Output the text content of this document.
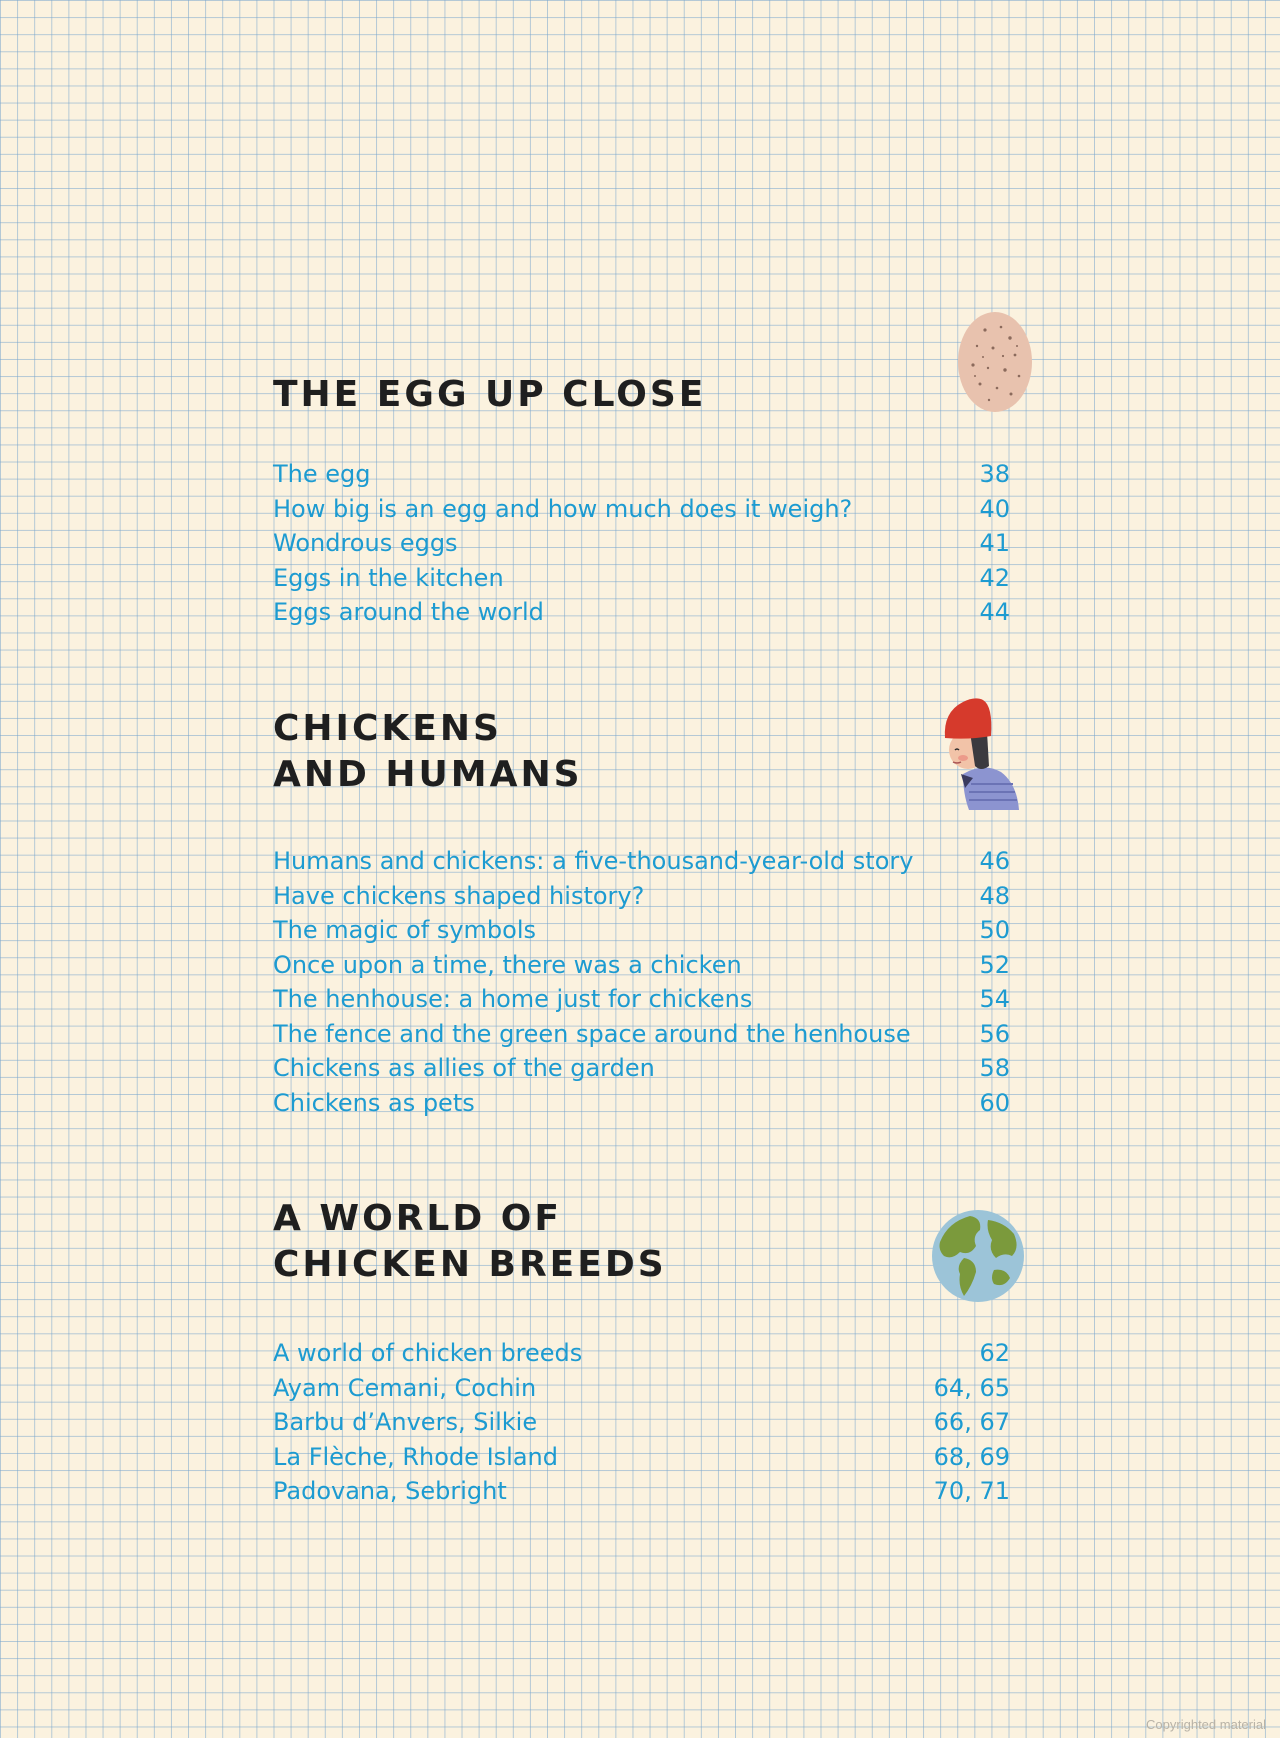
THE EGG UP CLOSE
The egg	38
How big is an egg and how much does it weigh?	40
Wondrous eggs	41
Eggs in the kitchen	42
Eggs around the world	44
CHICKENS
AND HUMANS
Humans and chickens: a five-thousand-year-old story	46
Have chickens shaped history?	48
The magic of symbols	50
Once upon a time, there was a chicken	52
The henhouse: a home just for chickens	54
The fence and the green space around the henhouse	56
Chickens as allies of the garden	58
Chickens as pets	60
A WORLD OF
CHICKEN BREEDS
A world of chicken breeds	62
Ayam Cemani, Cochin	64, 65
Barbu d’Anvers, Silkie	66, 67
La Flèche, Rhode Island	68, 69
Padovana, Sebright	70, 71
Copyrighted material
